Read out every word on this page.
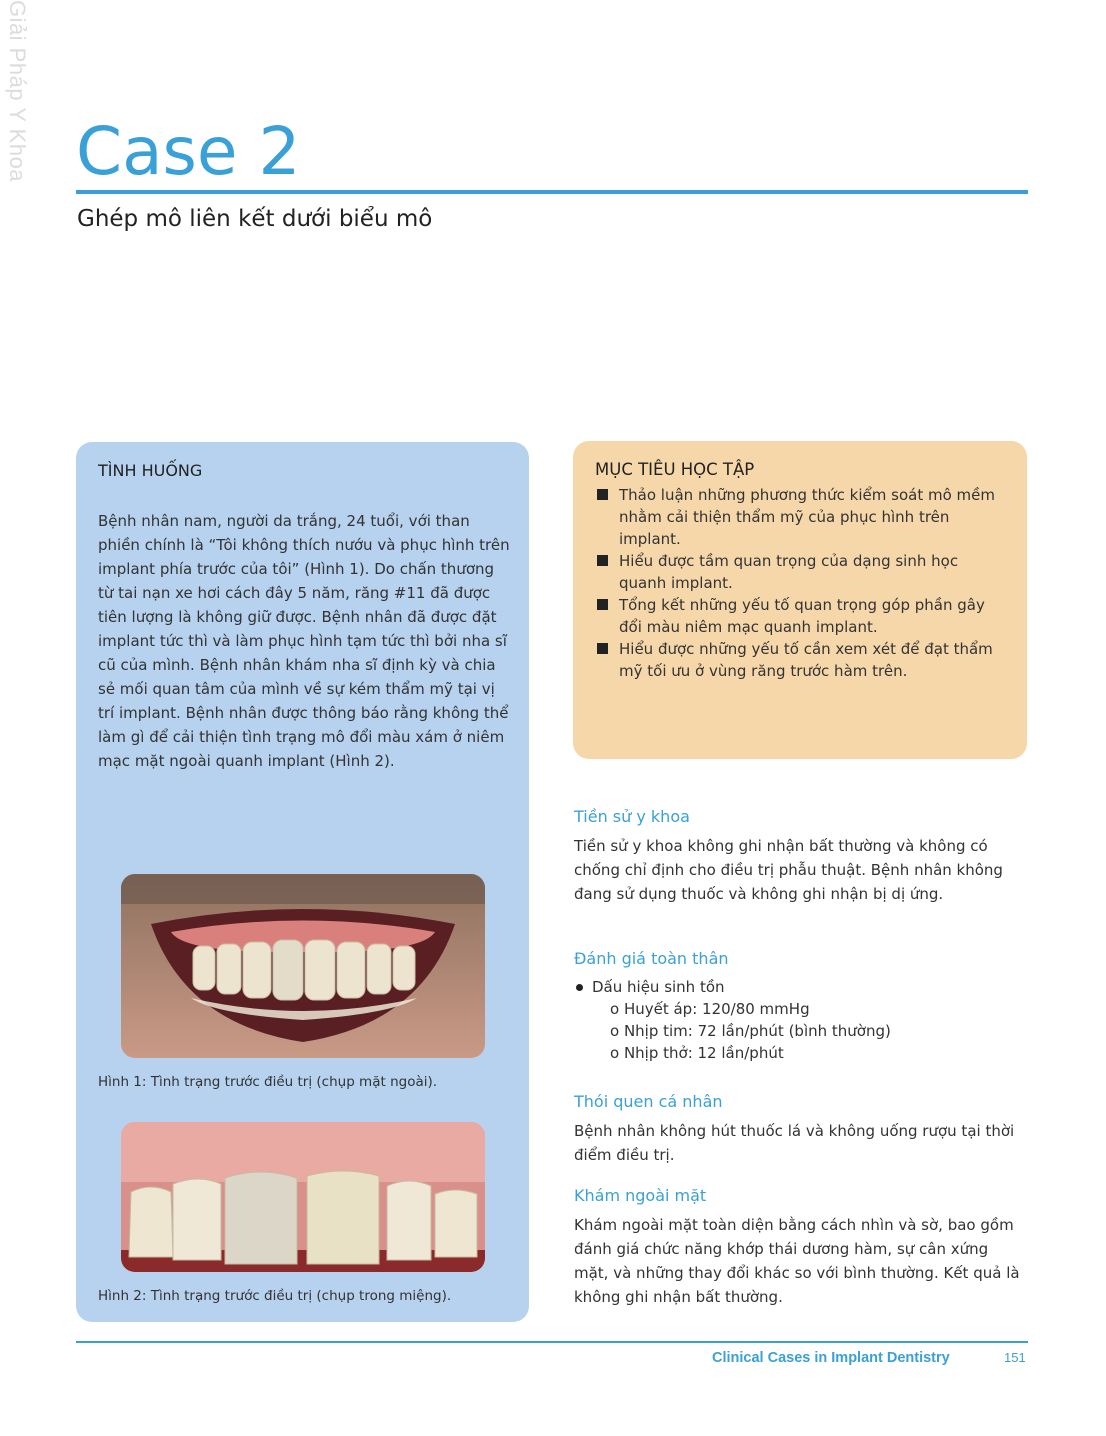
Giải Pháp Y Khoa Case 2
Ghép mô liên kết dưới biểu mô
TÌNH HUỐNG

Bệnh nhân nam, người da trắng, 24 tuổi, với than phiền chính là “Tôi không thích nướu và phục hình trên implant phía trước của tôi” (Hình 1). Do chấn thương từ tai nạn xe hơi cách đây 5 năm, răng #11 đã được tiên lượng là không giữ được. Bệnh nhân đã được đặt implant tức thì và làm phục hình tạm tức thì bởi nha sĩ cũ của mình. Bệnh nhân khám nha sĩ định kỳ và chia sẻ mối quan tâm của mình về sự kém thẩm mỹ tại vị trí implant. Bệnh nhân được thông báo rằng không thể làm gì để cải thiện tình trạng mô đổi màu xám ở niêm mạc mặt ngoài quanh implant (Hình 2).

Hình 1: Tình trạng trước điều trị (chụp mặt ngoài).

Hình 2: Tình trạng trước điều trị (chụp trong miệng).

MỤC TIÊU HỌC TẬP
Thảo luận những phương thức kiểm soát mô mềm nhằm cải thiện thẩm mỹ của phục hình trên implant.
Hiểu được tầm quan trọng của dạng sinh học quanh implant.
Tổng kết những yếu tố quan trọng góp phần gây đổi màu niêm mạc quanh implant.
Hiểu được những yếu tố cần xem xét để đạt thẩm mỹ tối ưu ở vùng răng trước hàm trên.
Tiền sử y khoa

Tiền sử y khoa không ghi nhận bất thường và không có chống chỉ định cho điều trị phẫu thuật. Bệnh nhân không đang sử dụng thuốc và không ghi nhận bị dị ứng.

Đánh giá toàn thân
Dấu hiệu sinh tồn
o Huyết áp: 120/80 mmHg
o Nhịp tim: 72 lần/phút (bình thường)
o Nhịp thở: 12 lần/phút
Thói quen cá nhân

Bệnh nhân không hút thuốc lá và không uống rượu tại thời điểm điều trị.

Khám ngoài mặt

Khám ngoài mặt toàn diện bằng cách nhìn và sờ, bao gồm đánh giá chức năng khớp thái dương hàm, sự cân xứng mặt, và những thay đổi khác so với bình thường. Kết quả là không ghi nhận bất thường.

Clinical Cases in Implant Dentistry	151
